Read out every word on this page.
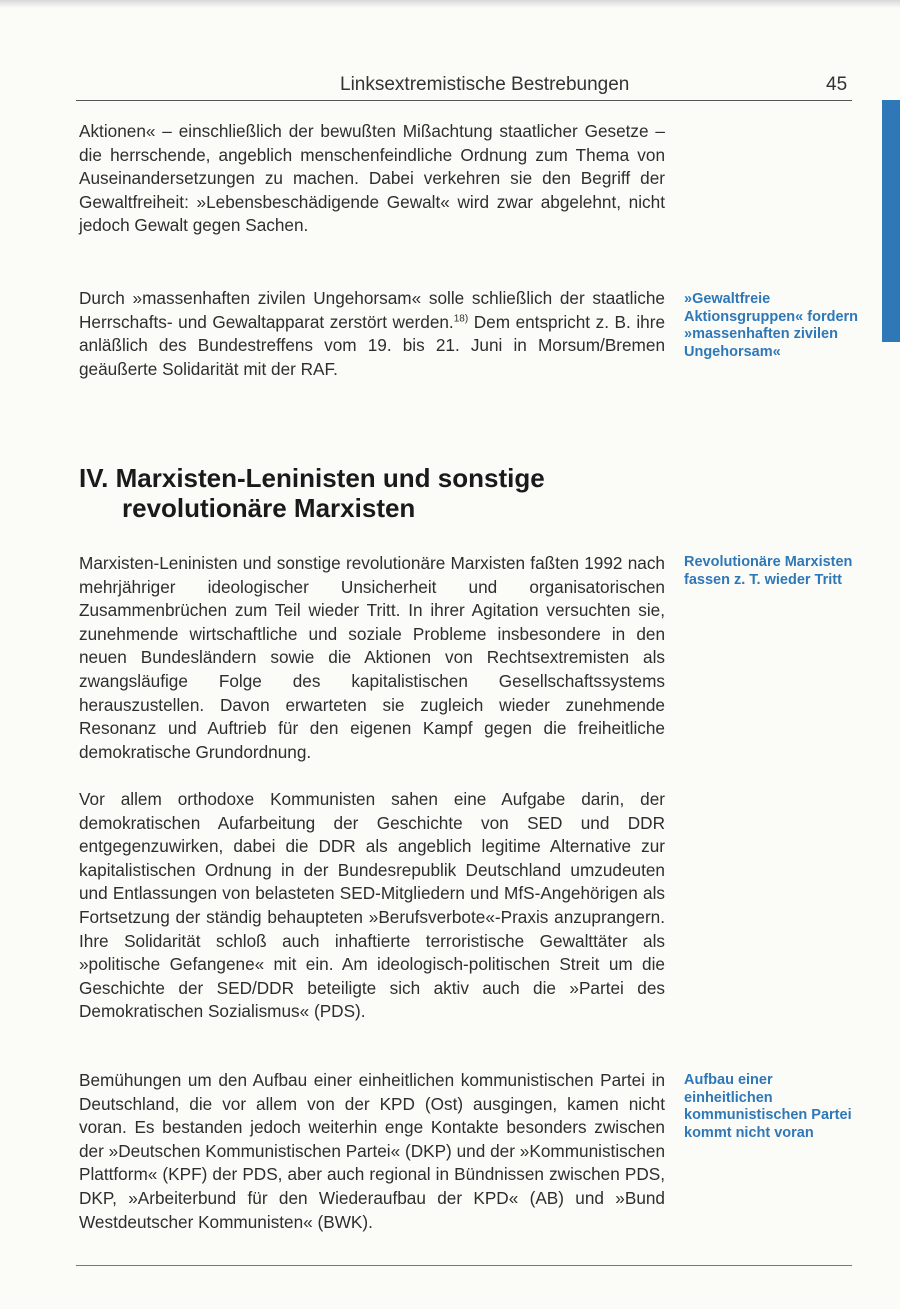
Linksextremistische Bestrebungen	45

Aktionen« – einschließlich der bewußten Mißachtung staatlicher Gesetze – die herrschende, angeblich menschenfeindliche Ordnung zum Thema von Auseinandersetzungen zu machen. Dabei verkehren sie den Begriff der Gewaltfreiheit: »Lebensbeschädigende Gewalt« wird zwar abgelehnt, nicht jedoch Gewalt gegen Sachen.

Durch »massenhaften zivilen Ungehorsam« solle schließlich der staatliche Herrschafts- und Gewaltapparat zerstört werden.$^{18)}$ Dem entspricht z. B. ihre anläßlich des Bundestreffens vom 19. bis 21. Juni in Morsum/Bremen geäußerte Solidarität mit der RAF.

»Gewaltfreie Aktionsgruppen« fordern »massenhaften zivilen Ungehorsam«
IV. Marxisten-Leninisten und sonstige
revolutionäre Marxisten

Marxisten-Leninisten und sonstige revolutionäre Marxisten faßten 1992 nach mehrjähriger ideologischer Unsicherheit und organisatorischen Zusammenbrüchen zum Teil wieder Tritt. In ihrer Agitation versuchten sie, zunehmende wirtschaftliche und soziale Probleme insbesondere in den neuen Bundesländern sowie die Aktionen von Rechtsextremisten als zwangsläufige Folge des kapitalistischen Gesellschaftssystems herauszustellen. Davon erwarteten sie zugleich wieder zunehmende Resonanz und Auftrieb für den eigenen Kampf gegen die freiheitliche demokratische Grundordnung.

Revolutionäre Marxisten fassen z. T. wieder Tritt

Vor allem orthodoxe Kommunisten sahen eine Aufgabe darin, der demokratischen Aufarbeitung der Geschichte von SED und DDR entgegenzuwirken, dabei die DDR als angeblich legitime Alternative zur kapitalistischen Ordnung in der Bundesrepublik Deutschland umzudeuten und Entlassungen von belasteten SED-Mitgliedern und MfS-Angehörigen als Fortsetzung der ständig behaupteten »Berufsverbote«-Praxis anzuprangern. Ihre Solidarität schloß auch inhaftierte terroristische Gewalttäter als »politische Gefangene« mit ein. Am ideologisch-politischen Streit um die Geschichte der SED/DDR beteiligte sich aktiv auch die »Partei des Demokratischen Sozialismus« (PDS).

Bemühungen um den Aufbau einer einheitlichen kommunistischen Partei in Deutschland, die vor allem von der KPD (Ost) ausgingen, kamen nicht voran. Es bestanden jedoch weiterhin enge Kontakte besonders zwischen der »Deutschen Kommunistischen Partei« (DKP) und der »Kommunistischen Plattform« (KPF) der PDS, aber auch regional in Bündnissen zwischen PDS, DKP, »Arbeiterbund für den Wiederaufbau der KPD« (AB) und »Bund Westdeutscher Kommunisten« (BWK).

Aufbau einer einheitlichen kommunistischen Partei kommt nicht voran
